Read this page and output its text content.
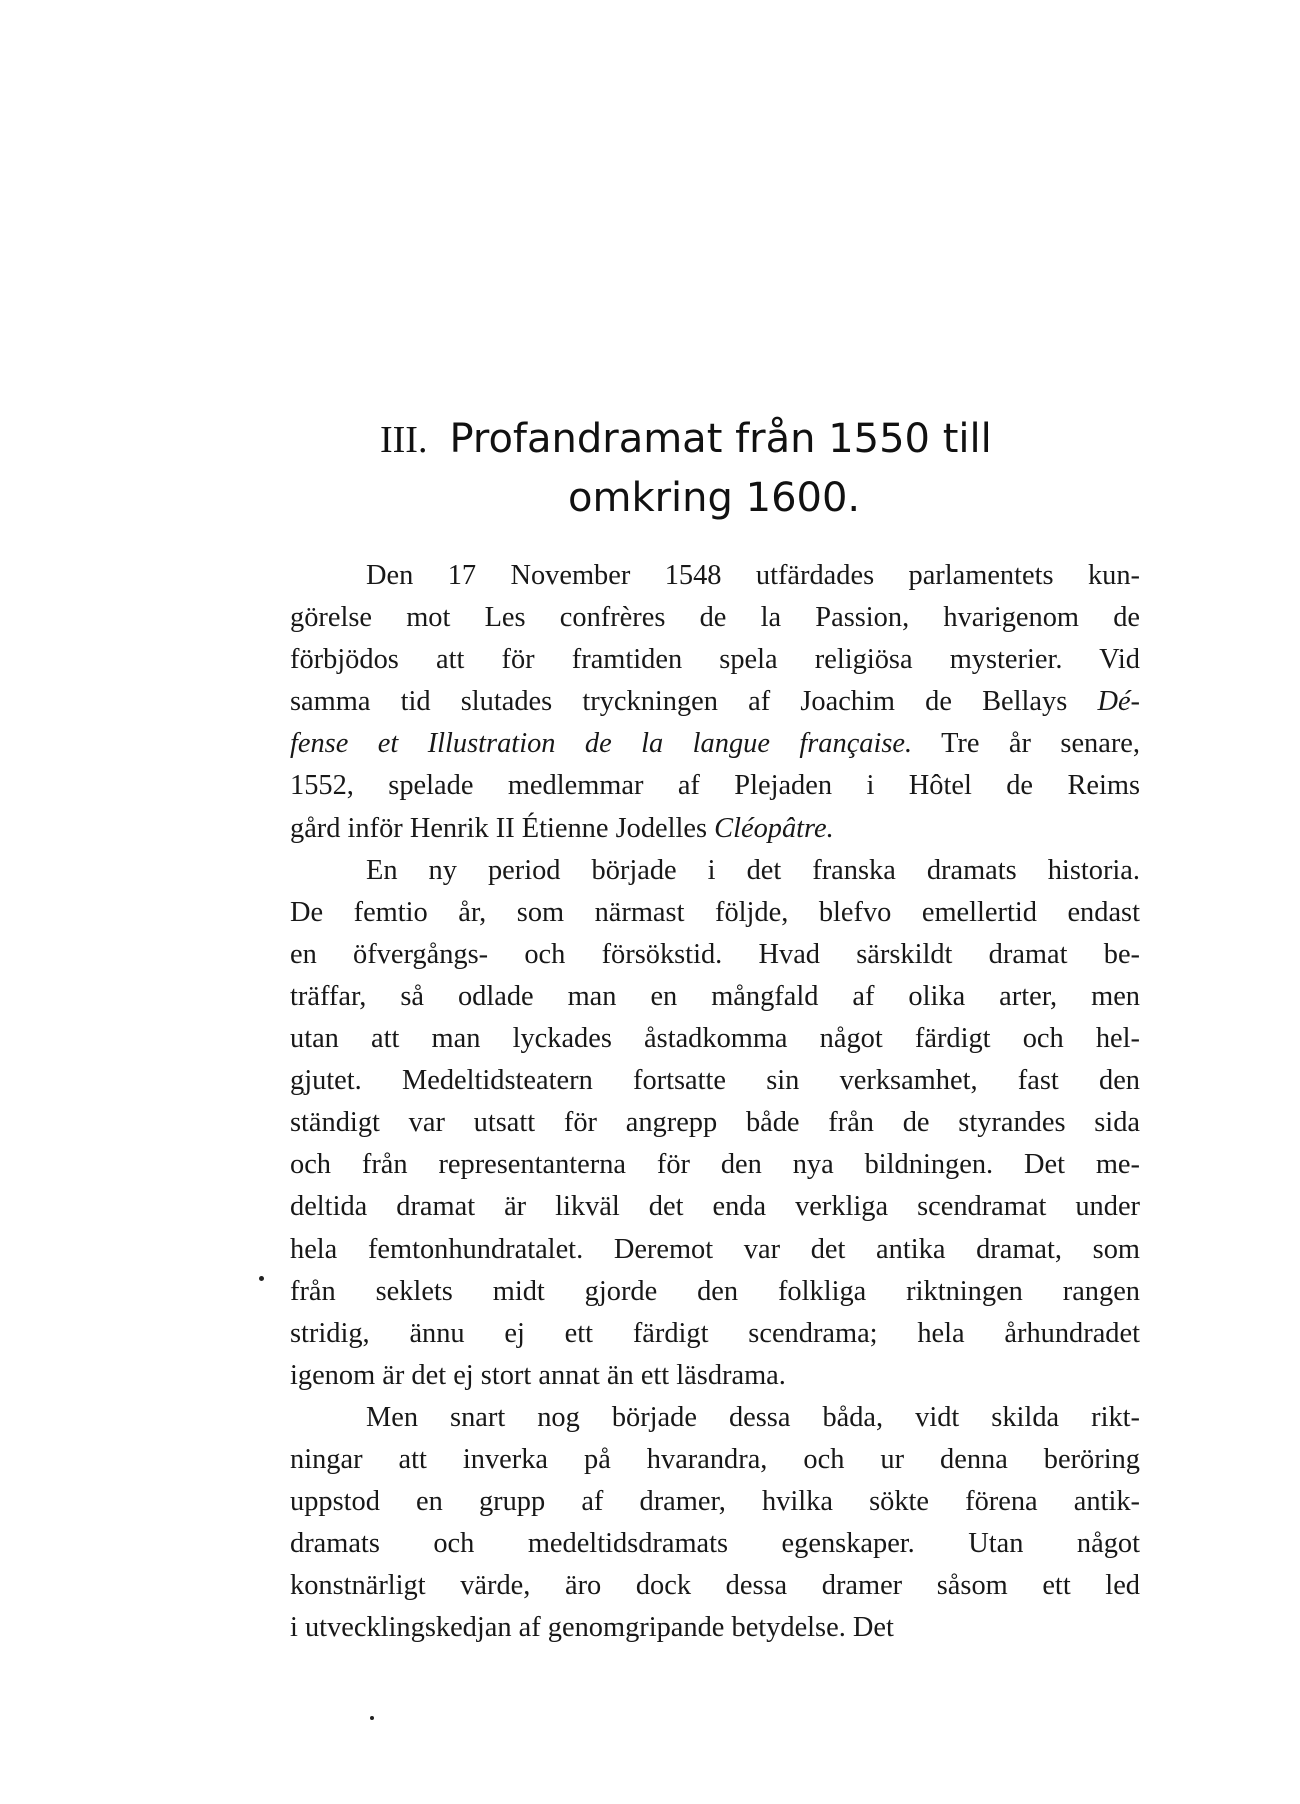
III. Profandramat från 1550 till
omkring 1600.
Den 17 November 1548 utfärdades parlamentets kun-
görelse mot Les confrères de la Passion, hvarigenom de
förbjödos att för framtiden spela religiösa mysterier. Vid
samma tid slutades tryckningen af Joachim de Bellays Dé-
fense et Illustration de la langue française. Tre år senare,
1552, spelade medlemmar af Plejaden i Hôtel de Reims
gård inför Henrik II Étienne Jodelles Cléopâtre.
En ny period började i det franska dramats historia.
De femtio år, som närmast följde, blefvo emellertid endast
en öfvergångs- och försökstid. Hvad särskildt dramat be-
träffar, så odlade man en mångfald af olika arter, men
utan att man lyckades åstadkomma något färdigt och hel-
gjutet. Medeltidsteatern fortsatte sin verksamhet, fast den
ständigt var utsatt för angrepp både från de styrandes sida
och från representanterna för den nya bildningen. Det me-
deltida dramat är likväl det enda verkliga scendramat under
hela femtonhundratalet. Deremot var det antika dramat, som
från seklets midt gjorde den folkliga riktningen rangen
stridig, ännu ej ett färdigt scendrama; hela århundradet
igenom är det ej stort annat än ett läsdrama.
Men snart nog började dessa båda, vidt skilda rikt-
ningar att inverka på hvarandra, och ur denna beröring
uppstod en grupp af dramer, hvilka sökte förena antik-
dramats och medeltidsdramats egenskaper. Utan något
konstnärligt värde, äro dock dessa dramer såsom ett led
i utvecklingskedjan af genomgripande betydelse. Det
